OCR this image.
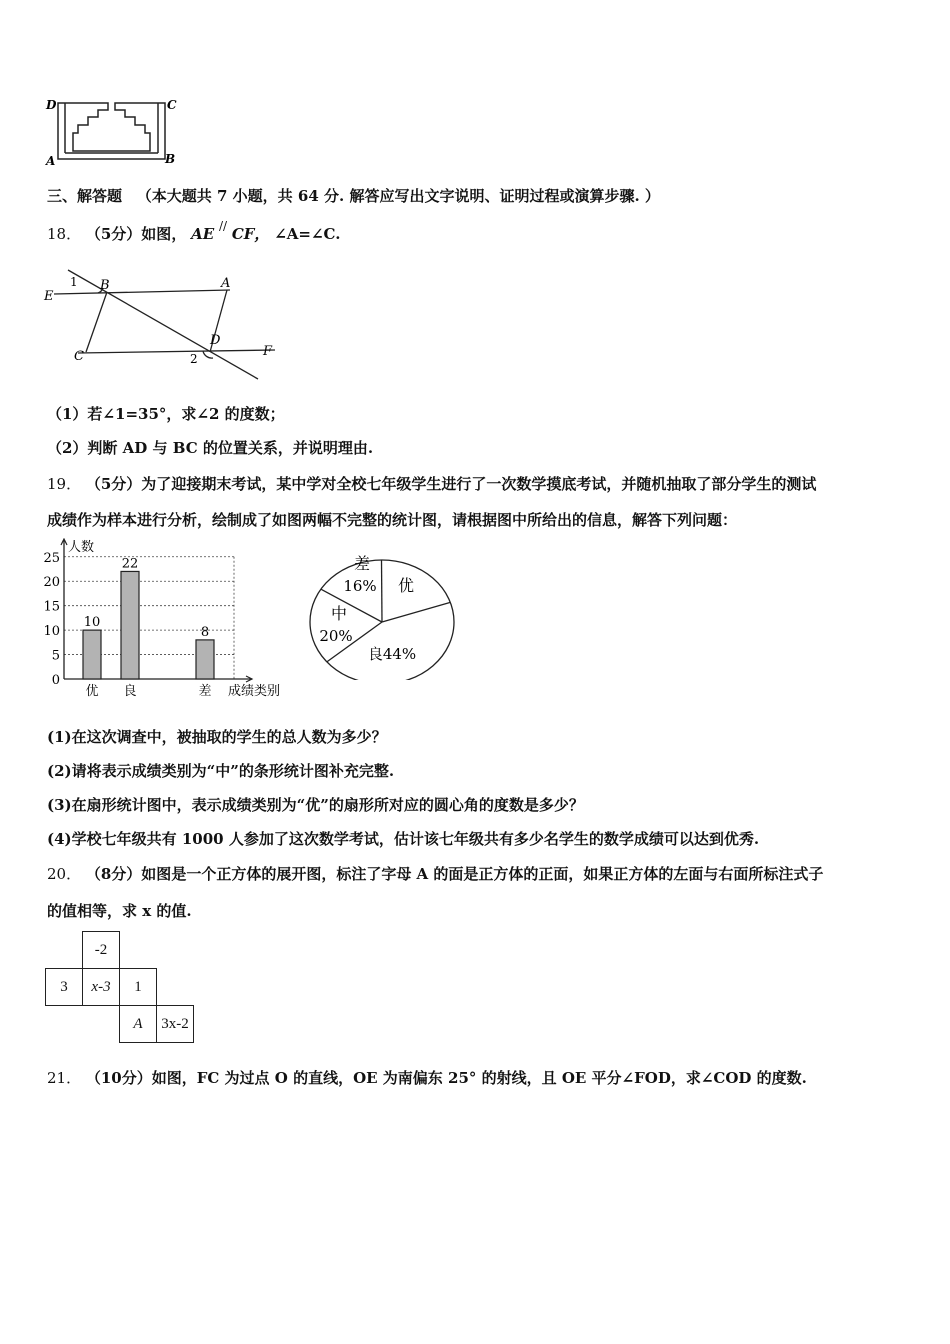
D	C
A	B
三、解答题 （本大题共 7 小题，共 64 分. 解答应写出文字说明、证明过程或演算步骤. ）
18． （5分）如图， AE // CF， ∠A=∠C.
E
1 B	A
D
C	2	F
（1）若∠1=35°，求∠2 的度数；
（2）判断 AD 与 BC 的位置关系，并说明理由.
19． （5分）为了迎接期末考试，某中学对全校七年级学生进行了一次数学摸底考试，并随机抽取了部分学生的测试
成绩作为样本进行分析，绘制成了如图两幅不完整的统计图，请根据图中所给出的信息，解答下列问题：
0
5
10
15
20
25
人数
成绩类别
10
优
22
良
8
差
差
16% 优
良44%
中
20%
(1)在这次调查中，被抽取的学生的总人数为多少？
(2)请将表示成绩类别为“中”的条形统计图补充完整.
(3)在扇形统计图中，表示成绩类别为“优”的扇形所对应的圆心角的度数是多少？
(4)学校七年级共有 1000 人参加了这次数学考试，估计该七年级共有多少名学生的数学成绩可以达到优秀.
20． （8分）如图是一个正方体的展开图，标注了字母 A 的面是正方体的正面，如果正方体的左面与右面所标注式子
的值相等，求 x 的值.
-2
3	x-3	1
A	3x-2
21． （10分）如图，FC 为过点 O 的直线，OE 为南偏东 25° 的射线，且 OE 平分∠FOD，求∠COD 的度数.
